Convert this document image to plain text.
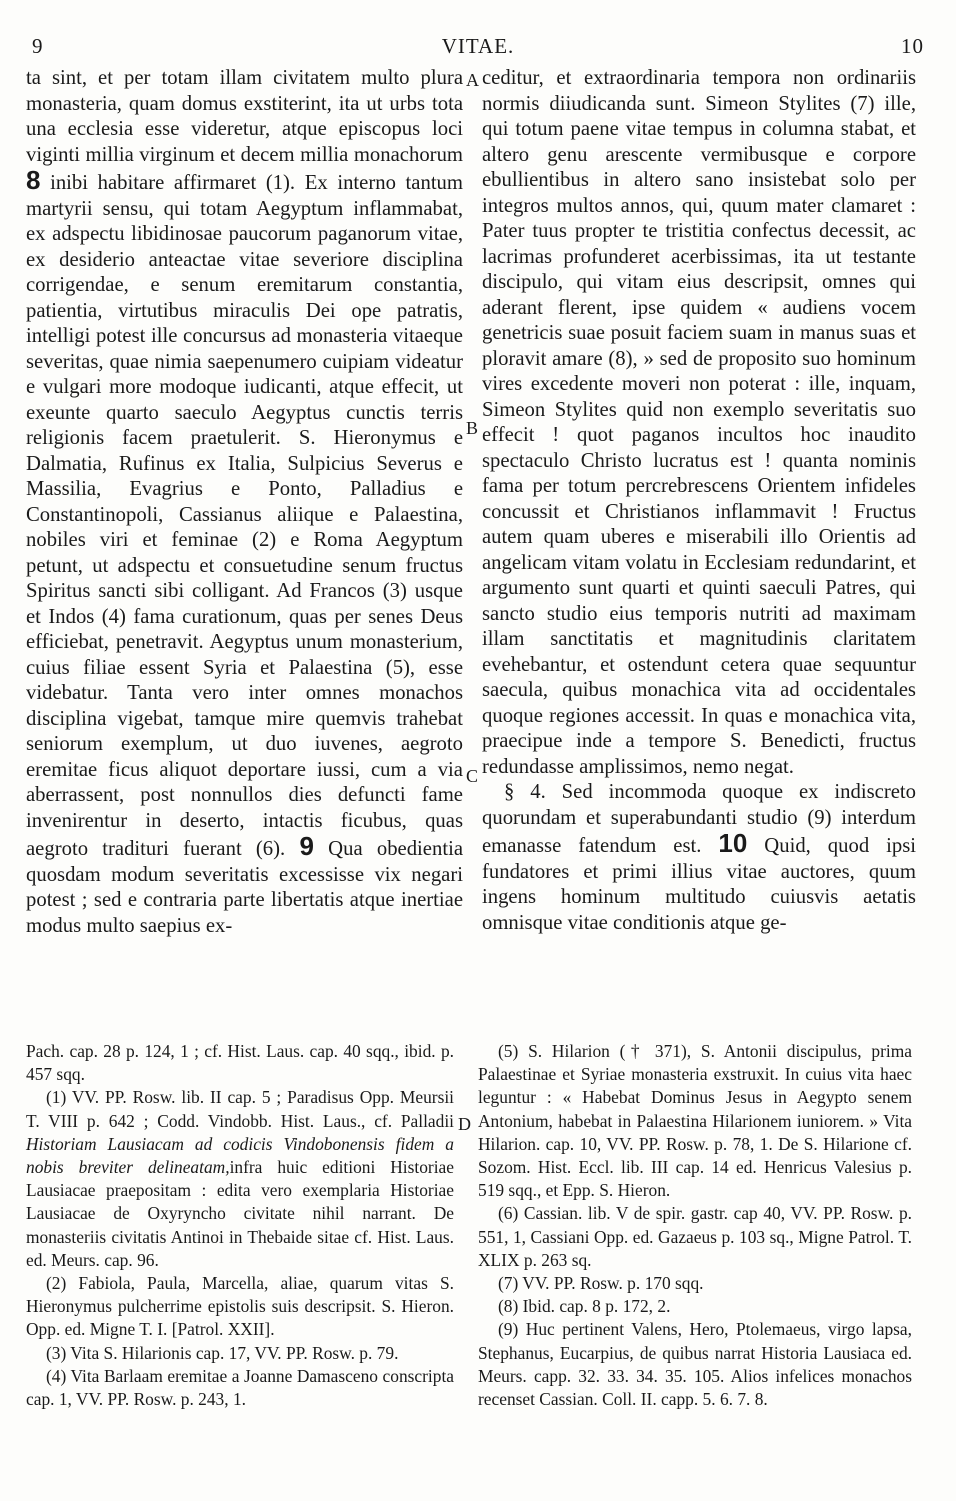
9	VITAE.	10

ta sint, et per totam illam civitatem multo plura monasteria, quam domus exstiterint, ita ut urbs tota una ecclesia esse videretur, atque episcopus loci viginti millia virginum et decem millia monachorum 8 inibi habitare affirmaret (1). Ex interno tantum martyrii sensu, qui totam Aegyptum inflammabat, ex adspectu libidinosae paucorum paganorum vitae, ex desiderio anteactae vitae severiore disciplina corrigendae, e senum eremitarum constantia, patientia, virtutibus miraculis Dei ope patratis, intelligi potest ille concursus ad monasteria vitaeque severitas, quae nimia saepenumero cuipiam videatur e vulgari more modoque iudicanti, atque effecit, ut exeunte quarto saeculo Aegyptus cunctis terris religionis facem praetulerit. S. Hieronymus e Dalmatia, Rufinus ex Italia, Sulpicius Severus e Massilia, Evagrius e Ponto, Palladius e Constantinopoli, Cassianus aliique e Palaestina, nobiles viri et feminae (2) e Roma Aegyptum petunt, ut adspectu et consuetudine senum fructus Spiritus sancti sibi colligant. Ad Francos (3) usque et Indos (4) fama curationum, quas per senes Deus efficiebat, penetravit. Aegyptus unum monasterium, cuius filiae essent Syria et Palaestina (5), esse videbatur. Tanta vero inter omnes monachos disciplina vigebat, tamque mire quemvis trahebat seniorum exemplum, ut duo iuvenes, aegroto eremitae ficus aliquot deportare iussi, cum a via aberrassent, post nonnullos dies defuncti fame invenirentur in deserto, intactis ficubus, quas aegroto traditurі fuerant (6). 9 Qua obedientia quosdam modum severitatis excessisse vix negari potest ; sed e contraria parte libertatis atque inertiae modus multo saepius ex-

ceditur, et extraordinaria tempora non ordinariis normis diiudicanda sunt. Simeon Stylites (7) ille, qui totum paene vitae tempus in columna stabat, et altero genu arescente vermibusque e corpore ebullientibus in altero sano insistebat solo per integros multos annos, qui, quum mater clamaret : Pater tuus propter te tristitia confectus decessit, ac lacrimas profunderet acerbissimas, ita ut testante discipulo, qui vitam eius descripsit, omnes qui aderant flerent, ipse quidem « audiens vocem genetricis suae posuit faciem suam in manus suas et ploravit amare (8), » sed de proposito suo hominum vires excedente moveri non poterat : ille, inquam, Simeon Stylites quid non exemplo severitatis suo effecit ! quot paganos incultos hoc inaudito spectaculo Christo lucratus est ! quanta nominis fama per totum percrebrescens Orientem infideles concussit et Christianos inflammavit ! Fructus autem quam uberes e miserabili illo Orientis ad angelicam vitam volatu in Ecclesiam redundarint, et argumento sunt quarti et quinti saeculi Patres, qui sancto studio eius temporis nutriti ad maximam illam sanctitatis et magnitudinis claritatem evehebantur, et ostendunt cetera quae sequuntur saecula, quibus monachica vita ad occidentales quoque regiones accessit. In quas e monachica vita, praecipue inde a tempore S. Benedicti, fructus redundasse amplissimos, nemo negat.

§ 4. Sed incommoda quoque ex indiscreto quorundam et superabundanti studio (9) interdum emanasse fatendum est. 10 Quid, quod ipsi fundatores et primi illius vitae auctores, quum ingens hominum multitudo cuiusvis aetatis omnisque vitae conditionis atque ge-

A
B
C
D

Pach. cap. 28 p. 124, 1 ; cf. Hist. Laus. cap. 40 sqq., ibid. p. 457 sqq.

(1) VV. PP. Rosw. lib. II cap. 5 ; Paradisus Opp. Meursii T. VIII p. 642 ; Codd. Vindobb. Hist. Laus., cf. Palladii Historiam Lausiacam ad codicis Vindobonensis fidem a nobis breviter delineatam,infra huic editioni Historiae Lausiacae praepositam : edita vero exemplaria Historiae Lausiacae de Oxyryncho civitate nihil narrant. De monasteriis civitatis Antinoi in Thebaide sitae cf. Hist. Laus. ed. Meurs. cap. 96.

(2) Fabiola, Paula, Marcella, aliae, quarum vitas S. Hieronymus pulcherrime epistolis suis descripsit. S. Hieron. Opp. ed. Migne T. I. [Patrol. XXII].

(3) Vita S. Hilarionis cap. 17, VV. PP. Rosw. p. 79.

(4) Vita Barlaam eremitae a Joanne Damasceno conscripta cap. 1, VV. PP. Rosw. p. 243, 1.

(5) S. Hilarion († 371), S. Antonii discipulus, prima Palaestinae et Syriae monasteria exstruxit. In cuius vita haec leguntur : « Habebat Dominus Jesus in Aegypto senem Antonium, habebat in Palaestina Hilarionem iuniorem. » Vita Hilarion. cap. 10, VV. PP. Rosw. p. 78, 1. De S. Hilarione cf. Sozom. Hist. Eccl. lib. III cap. 14 ed. Henricus Valesius p. 519 sqq., et Epp. S. Hieron.

(6) Cassian. lib. V de spir. gastr. cap 40, VV. PP. Rosw. p. 551, 1, Cassiani Opp. ed. Gazaeus p. 103 sq., Migne Patrol. T. XLIX p. 263 sq.

(7) VV. PP. Rosw. p. 170 sqq.

(8) Ibid. cap. 8 p. 172, 2.

(9) Huc pertinent Valens, Hero, Ptolemaeus, virgo lapsa, Stephanus, Eucarpius, de quibus narrat Historia Lausiaca ed. Meurs. capp. 32. 33. 34. 35. 105. Alios infelices monachos recenset Cassian. Coll. II. capp. 5. 6. 7. 8.
